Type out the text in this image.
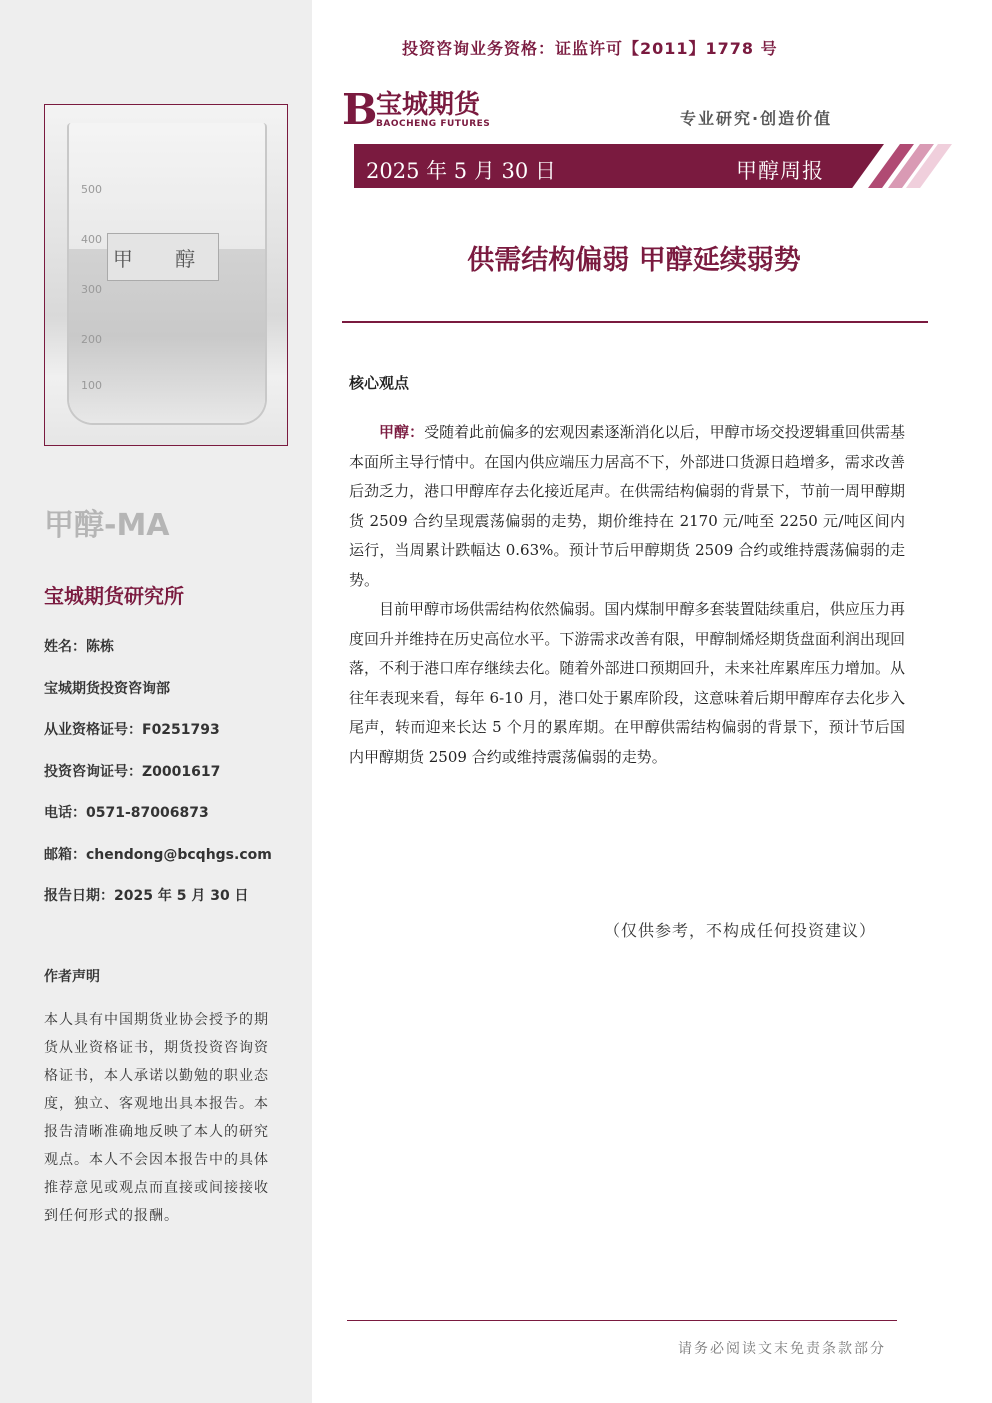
500
400
300
200
100
甲 醇
甲醇-MA
宝城期货研究所
姓名：陈栋
宝城期货投资咨询部
从业资格证号：F0251793
投资咨询证号：Z0001617
电话：0571-87006873
邮箱：chendong@bcqhgs.com
报告日期：2025 年 5 月 30 日
作者声明
本人具有中国期货业协会授予的期货从业资格证书，期货投资咨询资格证书，本人承诺以勤勉的职业态度，独立、客观地出具本报告。本报告清晰准确地反映了本人的研究观点。本人不会因本报告中的具体推荐意见或观点而直接或间接接收到任何形式的报酬。
投资咨询业务资格：证监许可【2011】1778 号
B
宝城期货
BAOCHENG FUTURES	专业研究·创造价值
2025 年 5 月 30 日	甲醇周报
供需结构偏弱 甲醇延续弱势
核心观点

甲醇：受随着此前偏多的宏观因素逐渐消化以后，甲醇市场交投逻辑重回供需基本面所主导行情中。在国内供应端压力居高不下，外部进口货源日趋增多，需求改善后劲乏力，港口甲醇库存去化接近尾声。在供需结构偏弱的背景下，节前一周甲醇期货 2509 合约呈现震荡偏弱的走势，期价维持在 2170 元/吨至 2250 元/吨区间内运行，当周累计跌幅达 0.63%。预计节后甲醇期货 2509 合约或维持震荡偏弱的走势。

目前甲醇市场供需结构依然偏弱。国内煤制甲醇多套装置陆续重启，供应压力再度回升并维持在历史高位水平。下游需求改善有限，甲醇制烯烃期货盘面利润出现回落，不利于港口库存继续去化。随着外部进口预期回升，未来社库累库压力增加。从往年表现来看，每年 6-10 月，港口处于累库阶段，这意味着后期甲醇库存去化步入尾声，转而迎来长达 5 个月的累库期。在甲醇供需结构偏弱的背景下，预计节后国内甲醇期货 2509 合约或维持震荡偏弱的走势。

（仅供参考，不构成任何投资建议）
请务必阅读文末免责条款部分
